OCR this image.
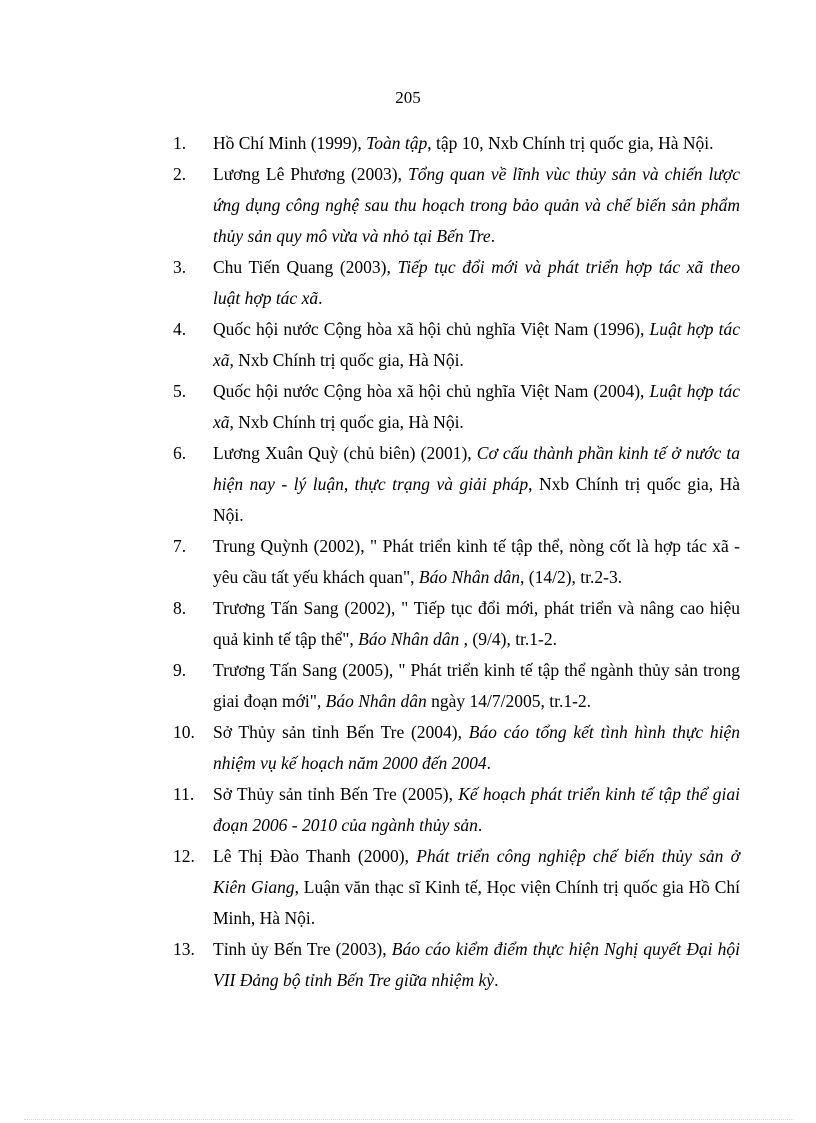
205
1. Hồ Chí Minh (1999), Toàn tập, tập 10, Nxb Chính trị quốc gia, Hà Nội.
2. Lương Lê Phương (2003), Tổng quan về lĩnh vùc thủy sản và chiến lược ứng dụng công nghệ sau thu hoạch trong bảo quản và chế biến sản phẩm thủy sản quy mô vừa và nhỏ tại Bến Tre.
3. Chu Tiến Quang (2003), Tiếp tục đổi mới và phát triển hợp tác xã theo luật hợp tác xã.
4. Quốc hội nước Cộng hòa xã hội chủ nghĩa Việt Nam (1996), Luật hợp tác xã, Nxb Chính trị quốc gia, Hà Nội.
5. Quốc hội nước Cộng hòa xã hội chủ nghĩa Việt Nam (2004), Luật hợp tác xã, Nxb Chính trị quốc gia, Hà Nội.
6. Lương Xuân Quỳ (chủ biên) (2001), Cơ cấu thành phần kinh tế ở nước ta hiện nay - lý luận, thực trạng và giải pháp, Nxb Chính trị quốc gia, Hà Nội.
7. Trung Quỳnh (2002), " Phát triển kinh tế tập thể, nòng cốt là hợp tác xã - yêu cầu tất yếu khách quan", Báo Nhân dân, (14/2), tr.2-3.
8. Trương Tấn Sang (2002), " Tiếp tục đổi mới, phát triển và nâng cao hiệu quả kinh tế tập thể", Báo Nhân dân , (9/4), tr.1-2.
9. Trương Tấn Sang (2005), " Phát triển kinh tế tập thể ngành thủy sản trong giai đoạn mới", Báo Nhân dân ngày 14/7/2005, tr.1-2.
10. Sở Thủy sản tỉnh Bến Tre (2004), Báo cáo tổng kết tình hình thực hiện nhiệm vụ kế hoạch năm 2000 đến 2004.
11. Sở Thủy sản tỉnh Bến Tre (2005), Kế hoạch phát triển kinh tế tập thể giai đoạn 2006 - 2010 của ngành thủy sản.
12. Lê Thị Đào Thanh (2000), Phát triển công nghiệp chế biến thủy sản ở Kiên Giang, Luận văn thạc sĩ Kinh tế, Học viện Chính trị quốc gia Hồ Chí Minh, Hà Nội.
13. Tỉnh ủy Bến Tre (2003), Báo cáo kiểm điểm thực hiện Nghị quyết Đại hội VII Đảng bộ tỉnh Bến Tre giữa nhiệm kỳ.
